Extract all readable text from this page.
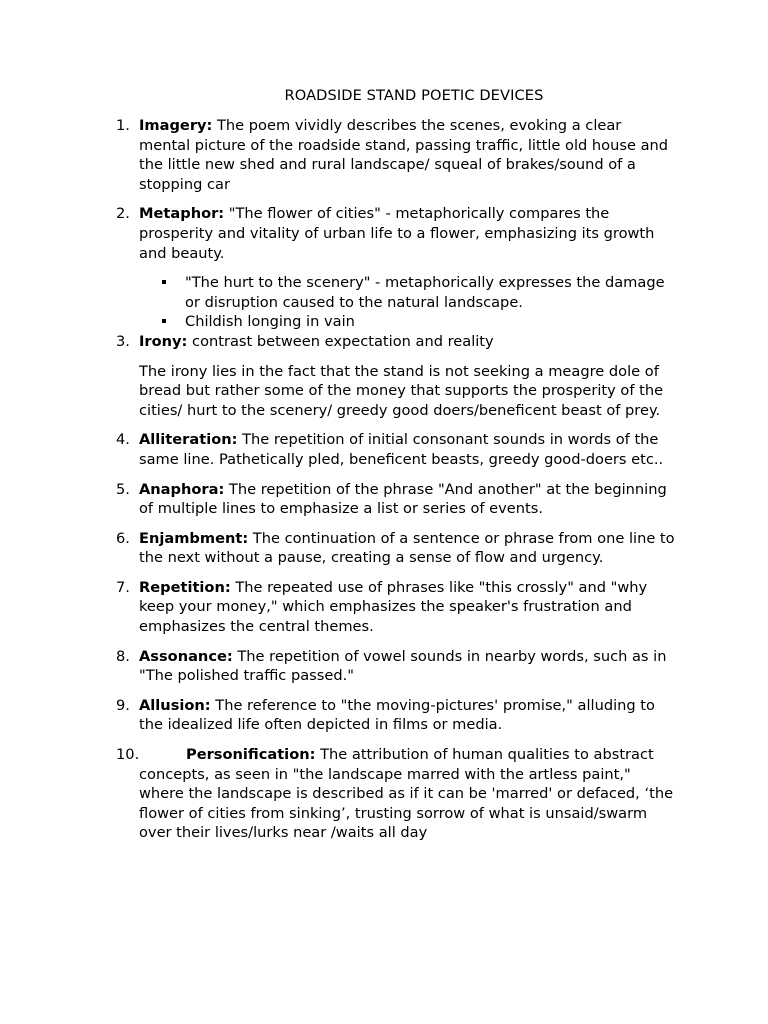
ROADSIDE STAND POETIC DEVICES
1. Imagery: The poem vividly describes the scenes, evoking a clear mental picture of the roadside stand, passing traffic, little old house and the little new shed and rural landscape/ squeal of brakes/sound of a stopping car
2. Metaphor: "The flower of cities" - metaphorically compares the prosperity and vitality of urban life to a flower, emphasizing its growth and beauty.
"The hurt to the scenery" - metaphorically expresses the damage or disruption caused to the natural landscape.
Childish longing in vain
3. Irony: contrast between expectation and reality

The irony lies in the fact that the stand is not seeking a meagre dole of bread but rather some of the money that supports the prosperity of the cities/ hurt to the scenery/ greedy good doers/beneficent beast of prey.

4. Alliteration: The repetition of initial consonant sounds in words of the same line. Pathetically pled, beneficent beasts, greedy good-doers etc..
5. Anaphora: The repetition of the phrase "And another" at the beginning of multiple lines to emphasize a list or series of events.
6. Enjambment: The continuation of a sentence or phrase from one line to the next without a pause, creating a sense of flow and urgency.
7. Repetition: The repeated use of phrases like "this crossly" and "why keep your money," which emphasizes the speaker's frustration and emphasizes the central themes.
8. Assonance: The repetition of vowel sounds in nearby words, such as in "The polished traffic passed."
9. Allusion: The reference to "the moving-pictures' promise," alluding to the idealized life often depicted in films or media.
10.	Personification: The attribution of human qualities to abstract concepts, as seen in "the landscape marred with the artless paint," where the landscape is described as if it can be 'marred' or defaced, ‘the flower of cities from sinking’, trusting sorrow of what is unsaid/swarm over their lives/lurks near /waits all day
